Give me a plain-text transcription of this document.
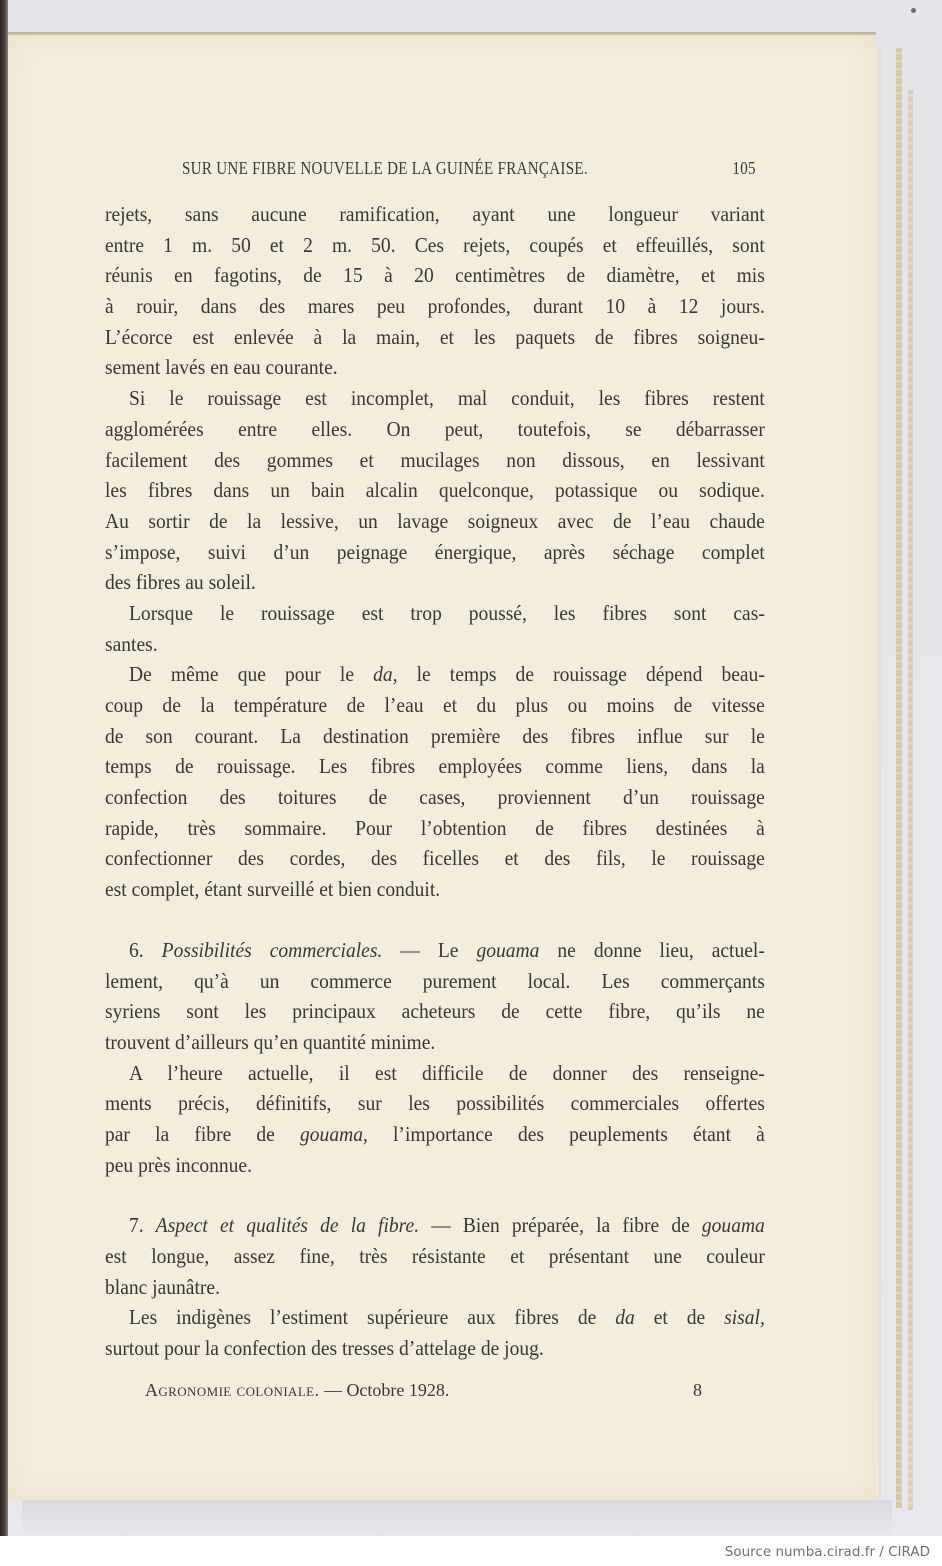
SUR UNE FIBRE NOUVELLE DE LA GUINÉE FRANÇAISE.	105
rejets, sans aucune ramification, ayant une longueur variant
entre 1 m. 50 et 2 m. 50. Ces rejets, coupés et effeuillés, sont
réunis en fagotins, de 15 à 20 centimètres de diamètre, et mis
à rouir, dans des mares peu profondes, durant 10 à 12 jours.
L’écorce est enlevée à la main, et les paquets de fibres soigneu-
sement lavés en eau courante.
Si le rouissage est incomplet, mal conduit, les fibres restent
agglomérées entre elles. On peut, toutefois, se débarrasser
facilement des gommes et mucilages non dissous, en lessivant
les fibres dans un bain alcalin quelconque, potassique ou sodique.
Au sortir de la lessive, un lavage soigneux avec de l’eau chaude
s’impose, suivi d’un peignage énergique, après séchage complet
des fibres au soleil.
Lorsque le rouissage est trop poussé, les fibres sont cas-
santes.
De même que pour le da, le temps de rouissage dépend beau-
coup de la température de l’eau et du plus ou moins de vitesse
de son courant. La destination première des fibres influe sur le
temps de rouissage. Les fibres employées comme liens, dans la
confection des toitures de cases, proviennent d’un rouissage
rapide, très sommaire. Pour l’obtention de fibres destinées à
confectionner des cordes, des ficelles et des fils, le rouissage
est complet, étant surveillé et bien conduit.
6. Possibilités commerciales. — Le gouama ne donne lieu, actuel-
lement, qu’à un commerce purement local. Les commerçants
syriens sont les principaux acheteurs de cette fibre, qu’ils ne
trouvent d’ailleurs qu’en quantité minime.
A l’heure actuelle, il est difficile de donner des renseigne-
ments précis, définitifs, sur les possibilités commerciales offertes
par la fibre de gouama, l’importance des peuplements étant à
peu près inconnue.
7. Aspect et qualités de la fibre. — Bien préparée, la fibre de gouama
est longue, assez fine, très résistante et présentant une couleur
blanc jaunâtre.
Les indigènes l’estiment supérieure aux fibres de da et de sisal,
surtout pour la confection des tresses d’attelage de joug.
Agronomie coloniale. — Octobre 1928.	8
Source numba.cirad.fr / CIRAD
